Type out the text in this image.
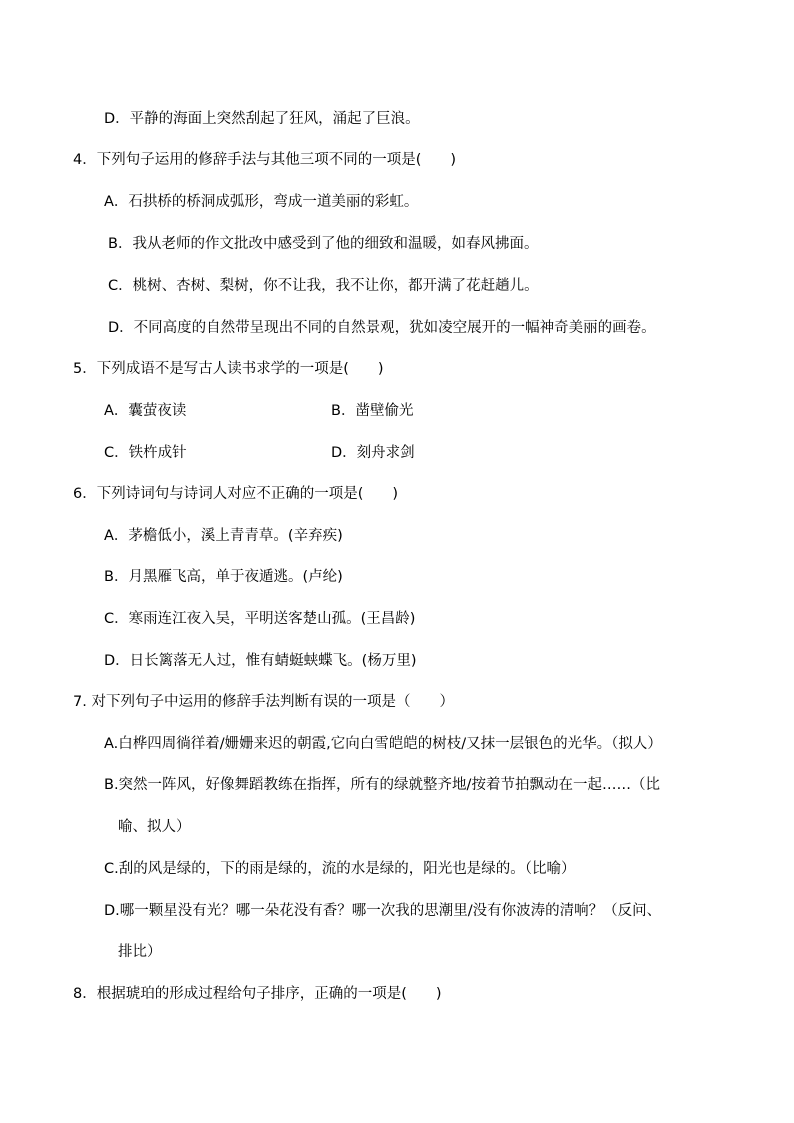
D．平静的海面上突然刮起了狂风，涌起了巨浪。
4．下列句子运用的修辞手法与其他三项不同的一项是(　　)
A．石拱桥的桥洞成弧形，弯成一道美丽的彩虹。
B．我从老师的作文批改中感受到了他的细致和温暖，如春风拂面。
C．桃树、杏树、梨树，你不让我，我不让你，都开满了花赶趟儿。
D．不同高度的自然带呈现出不同的自然景观，犹如凌空展开的一幅神奇美丽的画卷。
5．下列成语不是写古人读书求学的一项是(　　)
A．囊萤夜读	B．凿壁偷光
C．铁杵成针	D．刻舟求剑
6．下列诗词句与诗词人对应不正确的一项是(　　)
A．茅檐低小，溪上青青草。(辛弃疾)
B．月黑雁飞高，单于夜遁逃。(卢纶)
C．寒雨连江夜入吴，平明送客楚山孤。(王昌龄)
D．日长篱落无人过，惟有蜻蜓蛱蝶飞。(杨万里)
7. 对下列句子中运用的修辞手法判断有误的一项是（　　）
A.白桦四周徜徉着/姗姗来迟的朝霞,它向白雪皑皑的树枝/又抹一层银色的光华。（拟人）
B.突然一阵风，好像舞蹈教练在指挥，所有的绿就整齐地/按着节拍飘动在一起……（比
喻、拟人）
C.刮的风是绿的，下的雨是绿的，流的水是绿的，阳光也是绿的。（比喻）
D.哪一颗星没有光？哪一朵花没有香？哪一次我的思潮里/没有你波涛的清响？（反问、
排比）
8．根据琥珀的形成过程给句子排序，正确的一项是(　　)
